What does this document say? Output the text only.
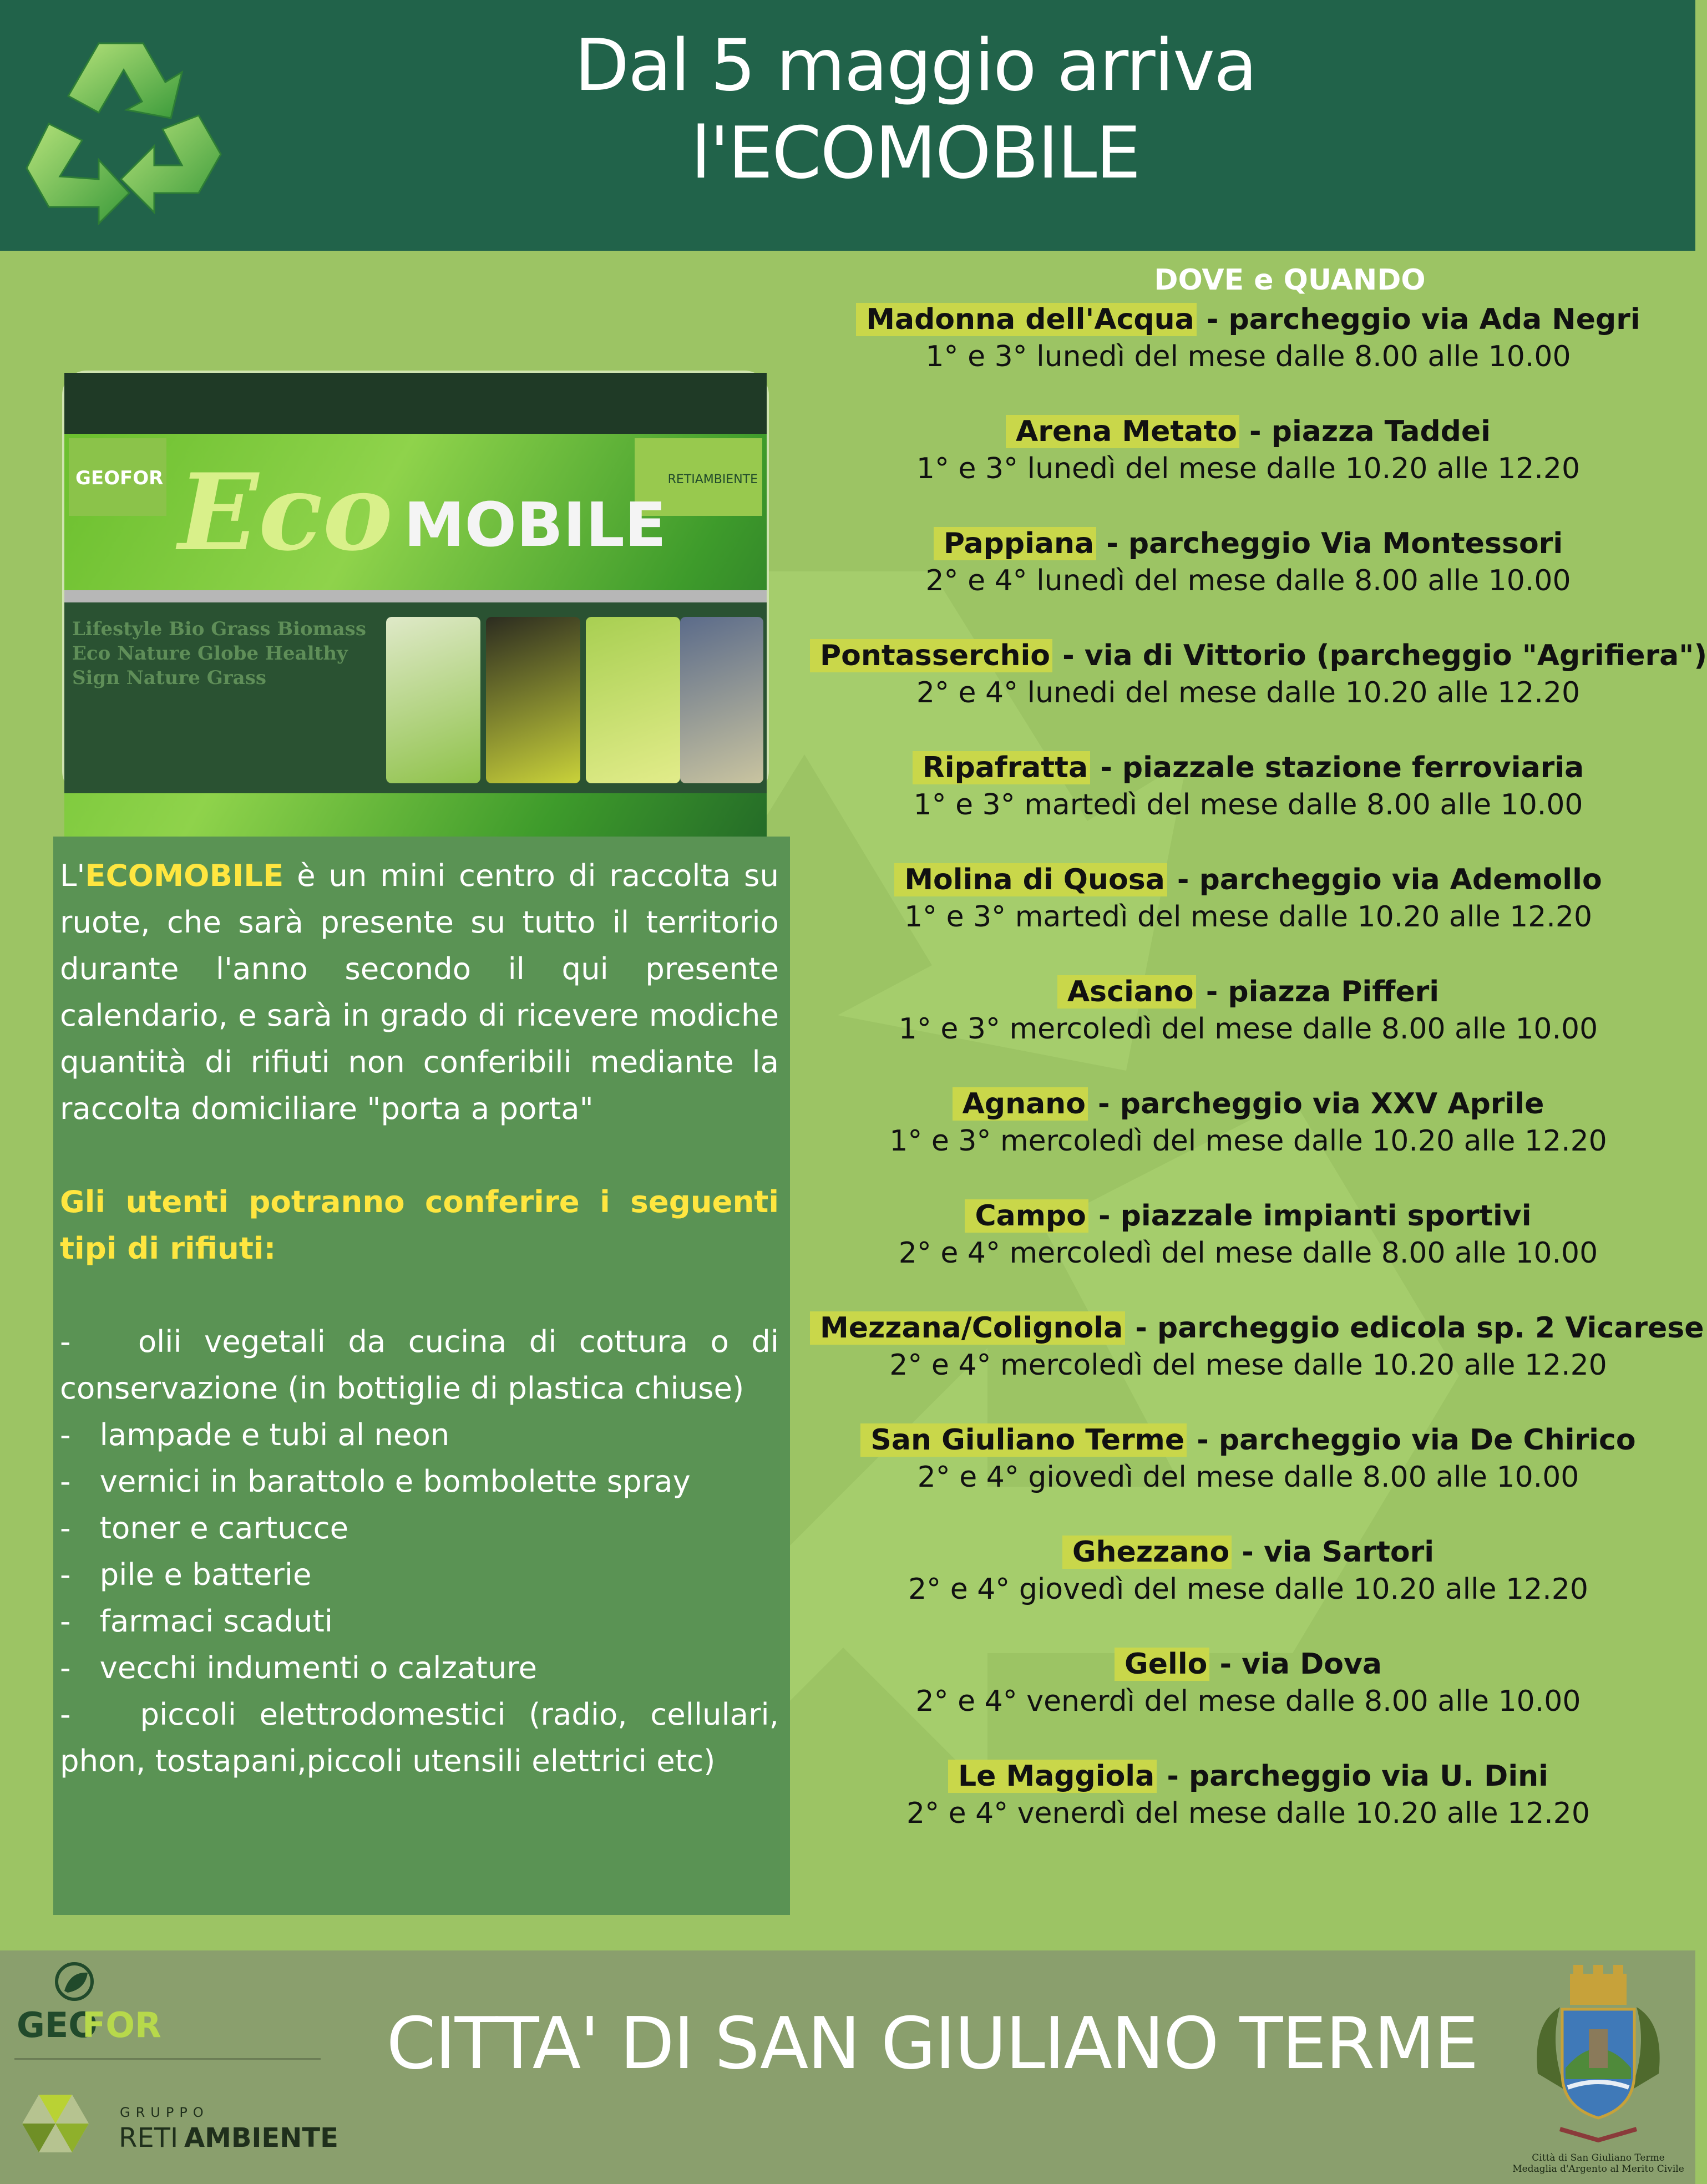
Dal 5 maggio arriva
l'ECOMOBILE
GEOFOR	RETIAMBIENTE
Eco MOBILE
Lifestyle Bio Grass Biomass Eco Nature Globe Healthy Sign Nature Grass
L'ECOMOBILE è un mini centro di raccolta su ruote, che sarà presente su tutto il territorio durante l'anno secondo il qui presente calendario, e sarà in grado di ricevere modiche quantità di rifiuti non conferibili mediante la raccolta domiciliare "porta a porta"
Gli utenti potranno conferire i seguenti tipi di rifiuti:
-   olii vegetali da cucina di cottura o di conservazione (in bottiglie di plastica chiuse)
-   lampade e tubi al neon
-   vernici in barattolo e bombolette spray
-   toner e cartucce
-   pile e batterie
-   farmaci scaduti
-   vecchi indumenti o calzature
-   piccoli elettrodomestici (radio, cellulari, phon, tostapani,piccoli utensili elettrici etc)
DOVE e QUANDO
Madonna dell'Acqua - parcheggio via Ada Negri
1° e 3° lunedì del mese dalle 8.00 alle 10.00
Arena Metato - piazza Taddei
1° e 3° lunedì del mese dalle 10.20 alle 12.20
Pappiana - parcheggio Via Montessori
2° e 4° lunedì del mese dalle 8.00 alle 10.00
Pontasserchio - via di Vittorio (parcheggio "Agrifiera")
2° e 4° lunedi del mese dalle 10.20 alle 12.20
Ripafratta - piazzale stazione ferroviaria
1° e 3° martedì del mese dalle 8.00 alle 10.00
Molina di Quosa - parcheggio via Ademollo
1° e 3° martedì del mese dalle 10.20 alle 12.20
Asciano - piazza Pifferi
1° e 3° mercoledì del mese dalle 8.00 alle 10.00
Agnano - parcheggio via XXV Aprile
1° e 3° mercoledì del mese dalle 10.20 alle 12.20
Campo - piazzale impianti sportivi
2° e 4° mercoledì del mese dalle 8.00 alle 10.00
Mezzana/Colignola - parcheggio edicola sp. 2 Vicarese
2° e 4° mercoledì del mese dalle 10.20 alle 12.20
San Giuliano Terme - parcheggio via De Chirico
2° e 4° giovedì del mese dalle 8.00 alle 10.00
Ghezzano - via Sartori
2° e 4° giovedì del mese dalle 10.20 alle 12.20
Gello - via Dova
2° e 4° venerdì del mese dalle 8.00 alle 10.00
Le Maggiola - parcheggio via U. Dini
2° e 4° venerdì del mese dalle 10.20 alle 12.20
GEO
FOR
GRUPPO
RETI AMBIENTE
CITTA' DI SAN GIULIANO TERME
Città di San Giuliano Terme
Medaglia d'Argento al Merito Civile
